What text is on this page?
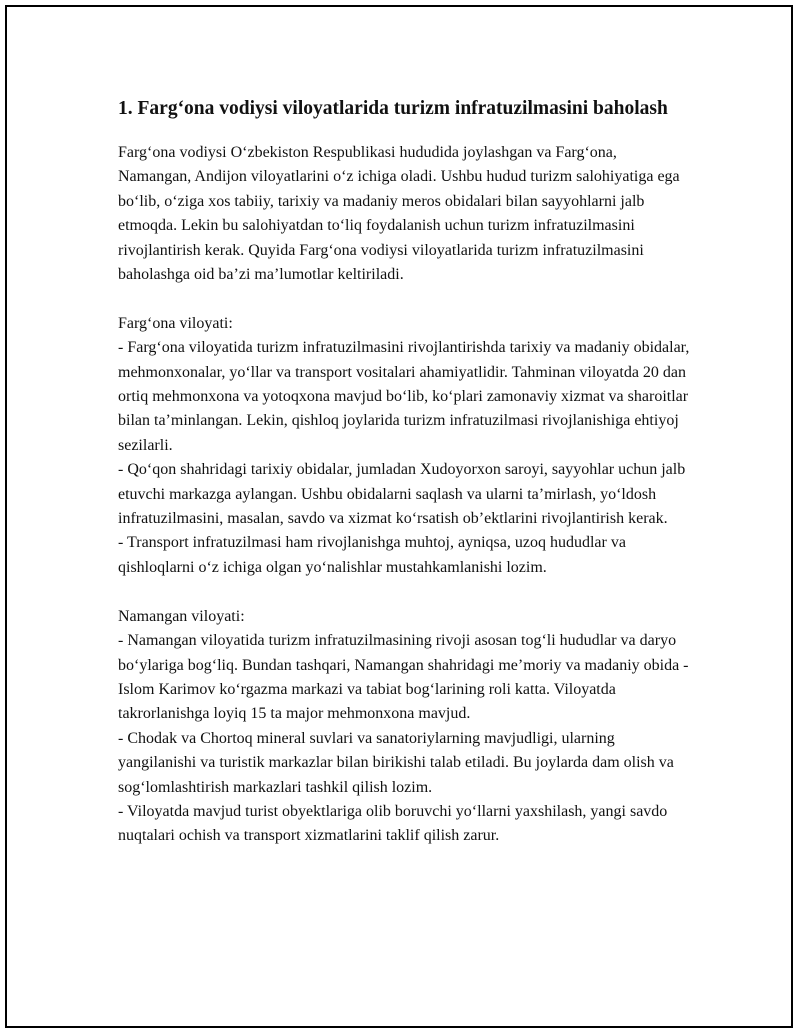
1. Farg‘ona vodiysi viloyatlarida turizm infratuzilmasini baholash

Farg‘ona vodiysi O‘zbekiston Respublikasi hududida joylashgan va Farg‘ona, Namangan, Andijon viloyatlarini o‘z ichiga oladi. Ushbu hudud turizm salohiyatiga ega bo‘lib, o‘ziga xos tabiiy, tarixiy va madaniy meros obidalari bilan sayyohlarni jalb etmoqda. Lekin bu salohiyatdan to‘liq foydalanish uchun turizm infratuzilmasini rivojlantirish kerak. Quyida Farg‘ona vodiysi viloyatlarida turizm infratuzilmasini baholashga oid ba’zi ma’lumotlar keltiriladi.

Farg‘ona viloyati:

- Farg‘ona viloyatida turizm infratuzilmasini rivojlantirishda tarixiy va madaniy obidalar, mehmonxonalar, yo‘llar va transport vositalari ahamiyatlidir. Tahminan viloyatda 20 dan ortiq mehmonxona va yotoqxona mavjud bo‘lib, ko‘plari zamonaviy xizmat va sharoitlar bilan ta’minlangan. Lekin, qishloq joylarida turizm infratuzilmasi rivojlanishiga ehtiyoj sezilarli.

- Qo‘qon shahridagi tarixiy obidalar, jumladan Xudoyorxon saroyi, sayyohlar uchun jalb etuvchi markazga aylangan. Ushbu obidalarni saqlash va ularni ta’mirlash, yo‘ldosh infratuzilmasini, masalan, savdo va xizmat ko‘rsatish ob’ektlarini rivojlantirish kerak.

- Transport infratuzilmasi ham rivojlanishga muhtoj, ayniqsa, uzoq hududlar va qishloqlarni o‘z ichiga olgan yo‘nalishlar mustahkamlanishi lozim.

Namangan viloyati:

- Namangan viloyatida turizm infratuzilmasining rivoji asosan tog‘li hududlar va daryo bo‘ylariga bog‘liq. Bundan tashqari, Namangan shahridagi me’moriy va madaniy obida - Islom Karimov ko‘rgazma markazi va tabiat bog‘larining roli katta. Viloyatda takrorlanishga loyiq 15 ta major mehmonxona mavjud.

- Chodak va Chortoq mineral suvlari va sanatoriylarning mavjudligi, ularning yangilanishi va turistik markazlar bilan birikishi talab etiladi. Bu joylarda dam olish va sog‘lomlashtirish markazlari tashkil qilish lozim.

- Viloyatda mavjud turist obyektlariga olib boruvchi yo‘llarni yaxshilash, yangi savdo nuqtalari ochish va transport xizmatlarini taklif qilish zarur.
